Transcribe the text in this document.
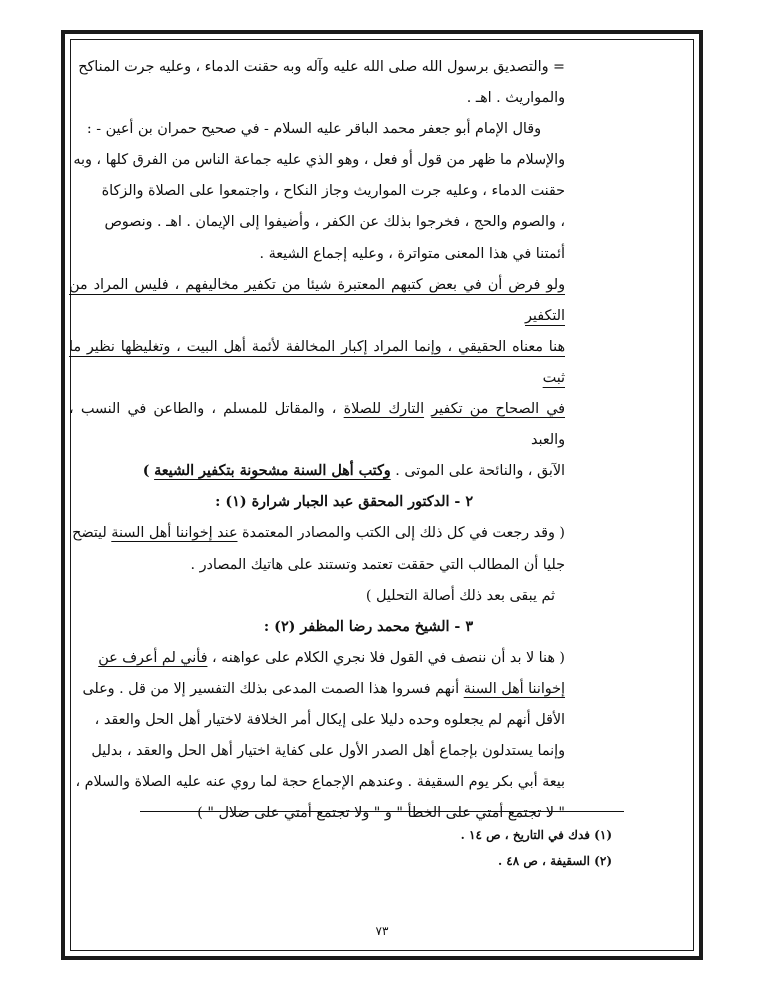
= والتصديق برسول الله صلى الله عليه وآله وبه حقنت الدماء ، وعليه جرت المناكح

والمواريث . اهـ .

وقال الإمام أبو جعفر محمد الباقر عليه السلام - في صحيح حمران بن أعين - :

والإسلام ما ظهر من قول أو فعل ، وهو الذي عليه جماعة الناس من الفرق كلها ، وبه

حقنت الدماء ، وعليه جرت المواريث وجاز النكاح ، واجتمعوا على الصلاة والزكاة

، والصوم والحج ، فخرجوا بذلك عن الكفر ، وأضيفوا إلى الإيمان . اهـ . ونصوص

أئمتنا في هذا المعنى متواترة ، وعليه إجماع الشيعة .

ولو فرض أن في بعض كتبهم المعتبرة شيئا من تكفير مخاليفهم ، فليس المراد من التكفير

هنا معناه الحقيقي ، وإنما المراد إكبار المخالفة لأئمة أهل البيت ، وتغليظها نظير ما ثبت

في الصحاح من تكفير التارك للصلاة ، والمقاتل للمسلم ، والطاعن في النسب ، والعبد

الآبق ، والنائحة على الموتى . وكتب أهل السنة مشحونة بتكفير الشيعة )

٢ - الدكتور المحقق عبد الجبار شرارة (١) :

( وقد رجعت في كل ذلك إلى الكتب والمصادر المعتمدة عند إخواننا أهل السنة ليتضح

جليا أن المطالب التي حققت تعتمد وتستند على هاتيك المصادر .

ثم يبقى بعد ذلك أصالة التحليل )

٣ - الشيخ محمد رضا المظفر (٢) :

( هنا لا بد أن ننصف في القول فلا نجري الكلام على عواهنه ، فأني لم أعرف عن

إخواننا أهل السنة أنهم فسروا هذا الصمت المدعى بذلك التفسير إلا من قل . وعلى

الأقل أنهم لم يجعلوه وحده دليلا على إيكال أمر الخلافة لاختيار أهل الحل والعقد ،

وإنما يستدلون بإجماع أهل الصدر الأول على كفاية اختيار أهل الحل والعقد ، بدليل

بيعة أبي بكر يوم السقيفة . وعندهم الإجماع حجة لما روي عنه عليه الصلاة والسلام ،

" لا تجتمع أمتي على الخطأ " و " ولا تجتمع أمتي على ضلال " )

(١) فدك في التاريخ ، ص ١٤ .

(٢) السقيفة ، ص ٤٨ .

٧٣
